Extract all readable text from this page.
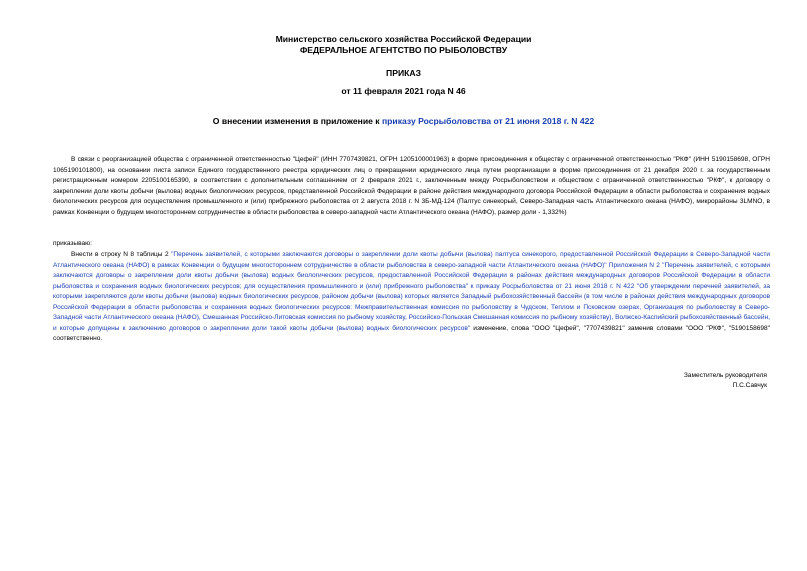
Министерство сельского хозяйства Российской Федерации
ФЕДЕРАЛЬНОЕ АГЕНТСТВО ПО РЫБОЛОВСТВУ
ПРИКАЗ
от 11 февраля 2021 года N 46
О внесении изменения в приложение к приказу Росрыболовства от 21 июня 2018 г. N 422
В связи с реорганизацией общества с ограниченной ответственностью "Цефей" (ИНН 7707439821, ОГРН 1205100001963) в форме присоединения к обществу с ограниченной ответственностью "РКФ" (ИНН 5190158698, ОГРН 1065190101800), на основании листа записи Единого государственного реестра юридических лиц о прекращении юридического лица путем реорганизации в форме присоединения от 21 декабря 2020 г. за государственным регистрационным номером 2205100165390, в соответствии с дополнительным соглашением от 2 февраля 2021 г., заключенным между Росрыболовством и обществом с ограниченной ответственностью "РКФ", к договору о закреплении доли квоты добычи (вылова) водных биологических ресурсов, представленной Российской Федерации в районе действия международного договора Российской Федерации в области рыболовства и сохранения водных биологических ресурсов для осуществления промышленного и (или) прибрежного рыболовства от 2 августа 2018 г. N 3Б-МД-124 (Палтус синекорый, Северо-Западная часть Атлантического океана (НАФО), микрорайоны 3LMNO, в рамках Конвенции о будущем многостороннем сотрудничестве в области рыболовства в северо-западной части Атлантического океана (НАФО), размер доли - 1,332%)
приказываю:
Внести в строку N 8 таблицы 2 "Перечень заявителей, с которыми заключаются договоры о закреплении доли квоты добычи (вылова) палтуса синекорого, предоставленной Российской Федерации в Северо-Западной части Атлантического океана (НАФО) в рамках Конвенции о будущем многостороннем сотрудничестве в области рыболовства в северо-западной части Атлантического океана (НАФО)" Приложения N 2 "Перечень заявителей, с которыми заключаются договоры о закреплении доли квоты добычи (вылова) водных биологических ресурсов, предоставленной Российской Федерации в районах действия международных договоров Российской Федерации в области рыболовства и сохранения водных биологических ресурсов; для осуществления промышленного и (или) прибрежного рыболовства" к приказу Росрыболовства от 21 июня 2018 г. N 422 "Об утверждении перечней заявителей, за которыми закрепляются доли квоты добычи (вылова) водных биологических ресурсов, районом добычи (вылова) которых является Западный рыбохозяйственный бассейн (в том числе в районах действия международных договоров Российской Федерации в области рыболовства и сохранения водных биологических ресурсов: Межправительственная комиссия по рыболовству в Чудском, Теплом и Псковском озерах, Организация по рыболовству в Северо-Западной части Атлантического океана (НАФО), Смешанная Российско-Литовская комиссия по рыбному хозяйству, Российско-Польская Смешанная комиссия по рыбному хозяйству), Волжско-Каспийский рыбохозяйственный бассейн, и которые допущены к заключению договоров о закреплении доли такой квоты добычи (вылова) водных биологических ресурсов" изменение, слова "ООО "Цефей", "7707439821" заменив словами "ООО "РКФ", "5190158698" соответственно.
Заместитель руководителя
П.С.Савчук
